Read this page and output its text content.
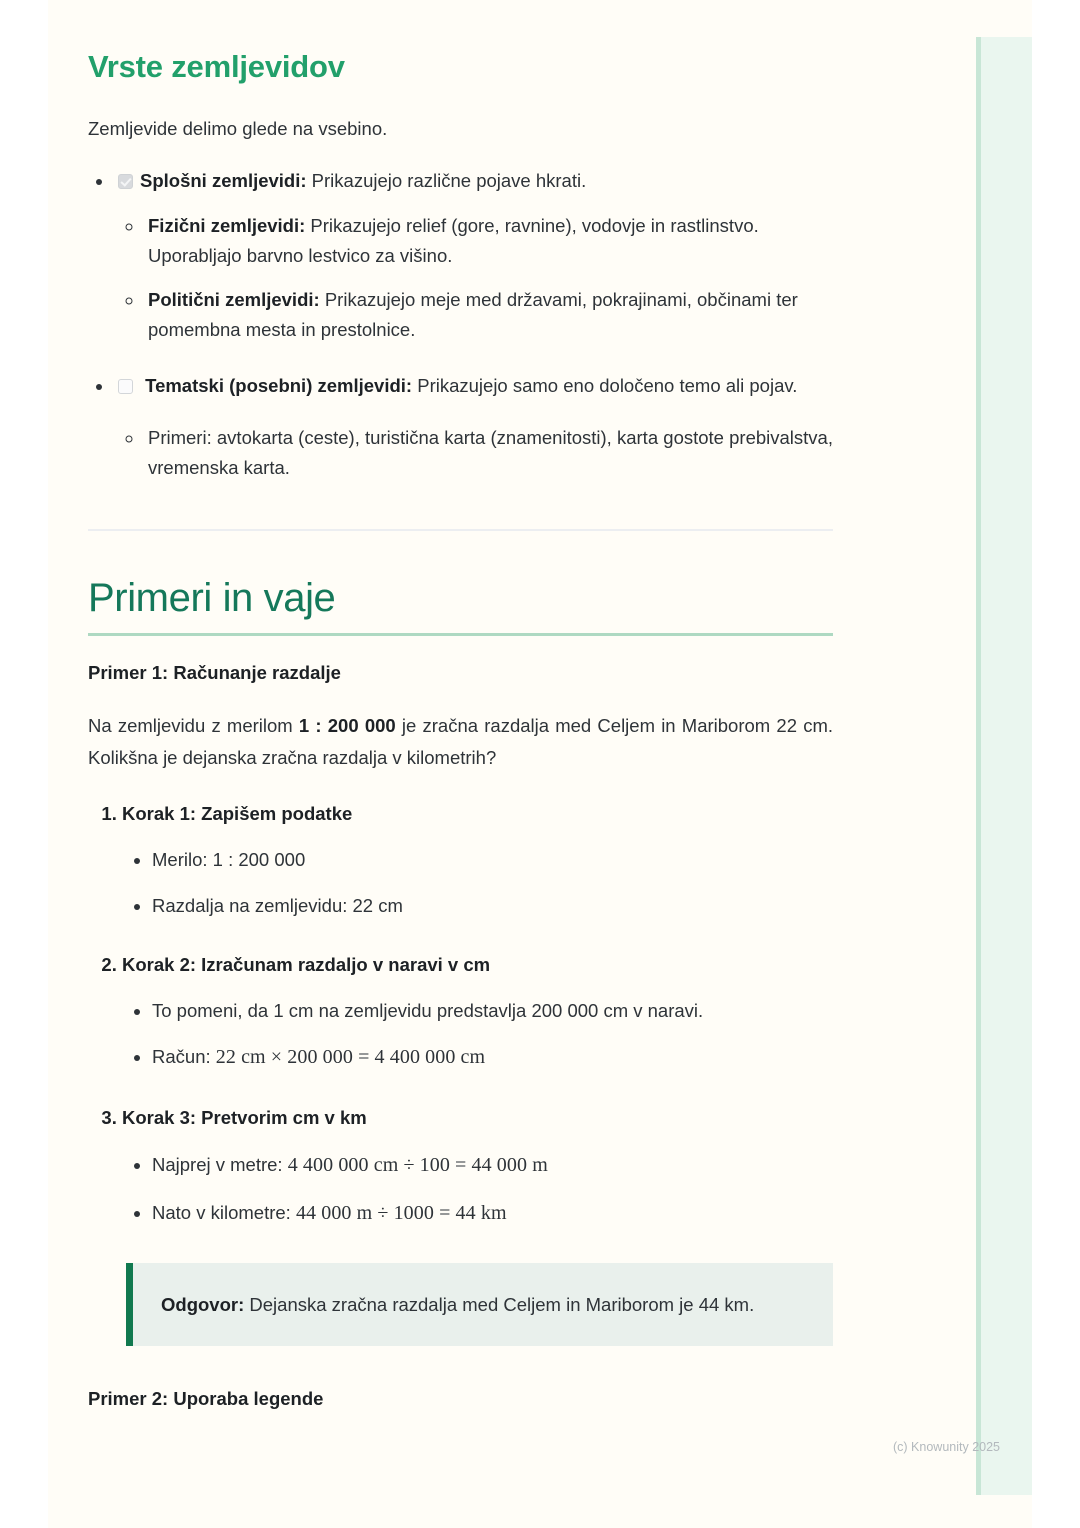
Vrste zemljevidov

Zemljevide delimo glede na vsebino.

• Splošni zemljevidi: Prikazujejo različne pojave hkrati.
◦ Fizični zemljevidi: Prikazujejo relief (gore, ravnine), vodovje in rastlinstvo. Uporabljajo barvno lestvico za višino.
◦ Politični zemljevidi: Prikazujejo meje med državami, pokrajinami, občinami ter pomembna mesta in prestolnice.
• Tematski (posebni) zemljevidi: Prikazujejo samo eno določeno temo ali pojav.
◦ Primeri: avtokarta (ceste), turistična karta (znamenitosti), karta gostote prebivalstva, vremenska karta.
Primeri in vaje
Primer 1: Računanje razdalje

Na zemljevidu z merilom 1 : 200 000 je zračna razdalja med Celjem in Mariborom 22 cm. Kolikšna je dejanska zračna razdalja v kilometrih?

1. Korak 1: Zapišem podatke
• Merilo: 1 : 200 000
• Razdalja na zemljevidu: 22 cm
2. Korak 2: Izračunam razdaljo v naravi v cm
• To pomeni, da 1 cm na zemljevidu predstavlja 200 000 cm v naravi.
• Račun: 22 cm × 200 000 = 4 400 000 cm
3. Korak 3: Pretvorim cm v km
• Najprej v metre: 4 400 000 cm ÷ 100 = 44 000 m
• Nato v kilometre: 44 000 m ÷ 1000 = 44 km

Odgovor: Dejanska zračna razdalja med Celjem in Mariborom je 44 km.

Primer 2: Uporaba legende
(c) Knowunity 2025
